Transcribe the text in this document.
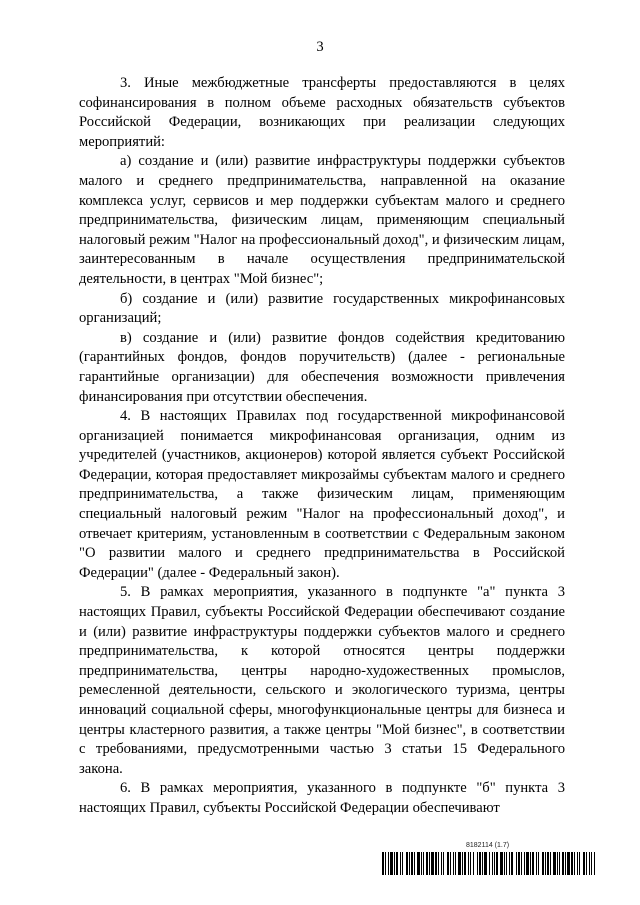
3

3. Иные межбюджетные трансферты предоставляются в целях софинансирования в полном объеме расходных обязательств субъектов Российской Федерации, возникающих при реализации следующих мероприятий:

а) создание и (или) развитие инфраструктуры поддержки субъектов малого и среднего предпринимательства, направленной на оказание комплекса услуг, сервисов и мер поддержки субъектам малого и среднего предпринимательства, физическим лицам, применяющим специальный налоговый режим "Налог на профессиональный доход", и физическим лицам, заинтересованным в начале осуществления предпринимательской деятельности, в центрах "Мой бизнес";

б) создание и (или) развитие государственных микрофинансовых организаций;

в) создание и (или) развитие фондов содействия кредитованию (гарантийных фондов, фондов поручительств) (далее - региональные гарантийные организации) для обеспечения возможности привлечения финансирования при отсутствии обеспечения.

4. В настоящих Правилах под государственной микрофинансовой организацией понимается микрофинансовая организация, одним из учредителей (участников, акционеров) которой является субъект Российской Федерации, которая предоставляет микрозаймы субъектам малого и среднего предпринимательства, а также физическим лицам, применяющим специальный налоговый режим "Налог на профессиональный доход", и отвечает критериям, установленным в соответствии с Федеральным законом "О развитии малого и среднего предпринимательства в Российской Федерации" (далее - Федеральный закон).

5. В рамках мероприятия, указанного в подпункте "а" пункта 3 настоящих Правил, субъекты Российской Федерации обеспечивают создание и (или) развитие инфраструктуры поддержки субъектов малого и среднего предпринимательства, к которой относятся центры поддержки предпринимательства, центры народно-художественных промыслов, ремесленной деятельности, сельского и экологического туризма, центры инноваций социальной сферы, многофункциональные центры для бизнеса и центры кластерного развития, а также центры "Мой бизнес", в соответствии с требованиями, предусмотренными частью 3 статьи 15 Федерального закона.

6. В рамках мероприятия, указанного в подпункте "б" пункта 3 настоящих Правил, субъекты Российской Федерации обеспечивают

8182114 (1.7)
